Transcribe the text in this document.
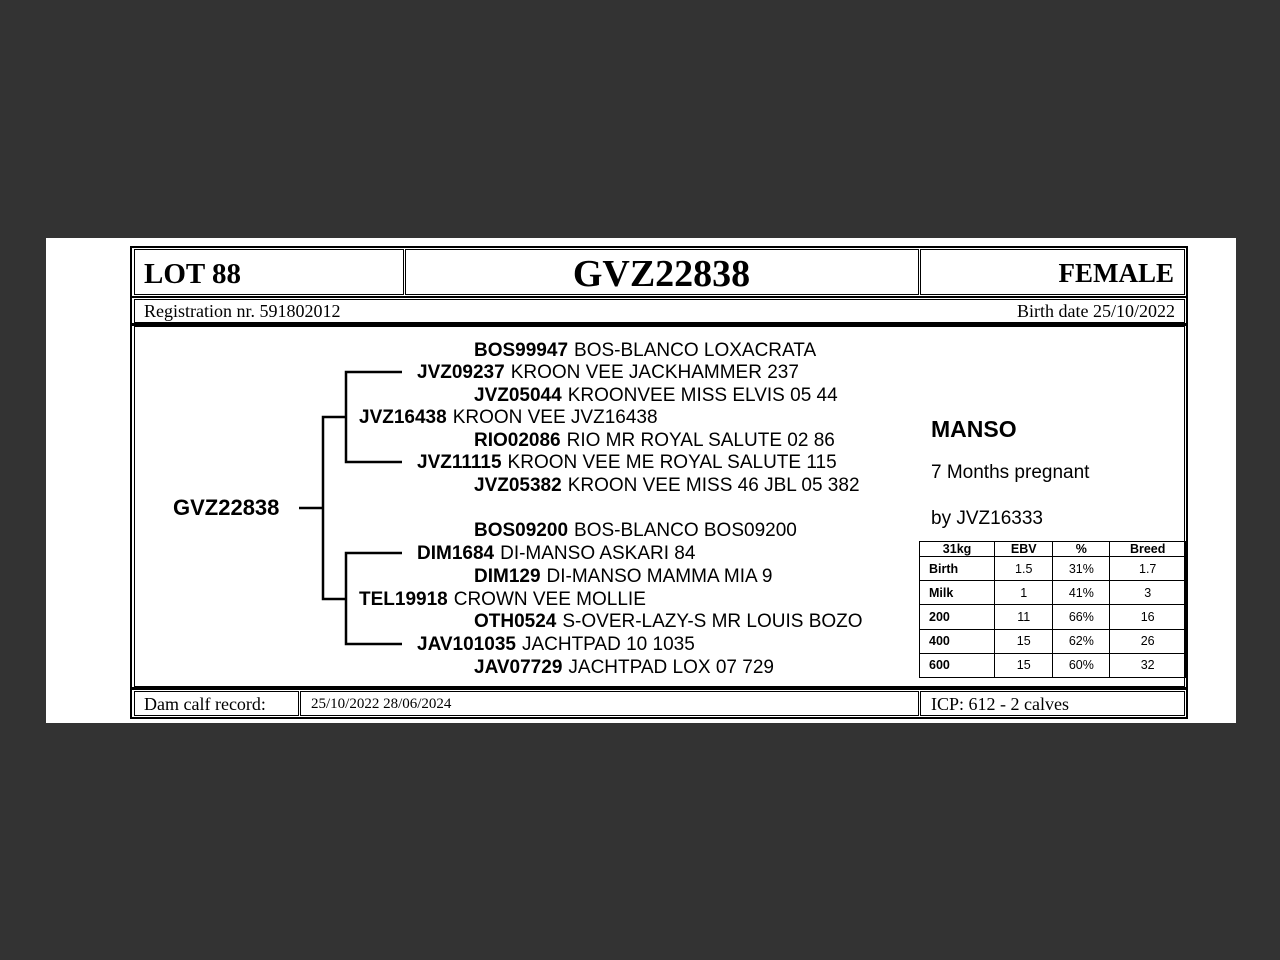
LOT 88	GVZ22838	FEMALE
Registration nr. 591802012	Birth date 25/10/2022
GVZ22838
BOS99947 BOS-BLANCO LOXACRATA
JVZ09237 KROON VEE JACKHAMMER 237
JVZ05044 KROONVEE MISS ELVIS 05 44
JVZ16438 KROON VEE JVZ16438
RIO02086 RIO MR ROYAL SALUTE 02 86
JVZ11115 KROON VEE ME ROYAL SALUTE 115
JVZ05382 KROON VEE MISS 46 JBL 05 382
BOS09200 BOS-BLANCO BOS09200
DIM1684 DI-MANSO ASKARI 84
DIM129 DI-MANSO MAMMA MIA 9
TEL19918 CROWN VEE MOLLIE
OTH0524 S-OVER-LAZY-S MR LOUIS BOZO
JAV101035 JACHTPAD 10 1035
JAV07729 JACHTPAD LOX 07 729
MANSO
7 Months pregnant
by JVZ16333
31kg	EBV	%	Breed
Birth	1.5	31%	1.7
Milk	1	41%	3
200	11	66%	16
400	15	62%	26
600	15	60%	32
Dam calf record:	25/10/2022 28/06/2024	ICP: 612 - 2 calves
